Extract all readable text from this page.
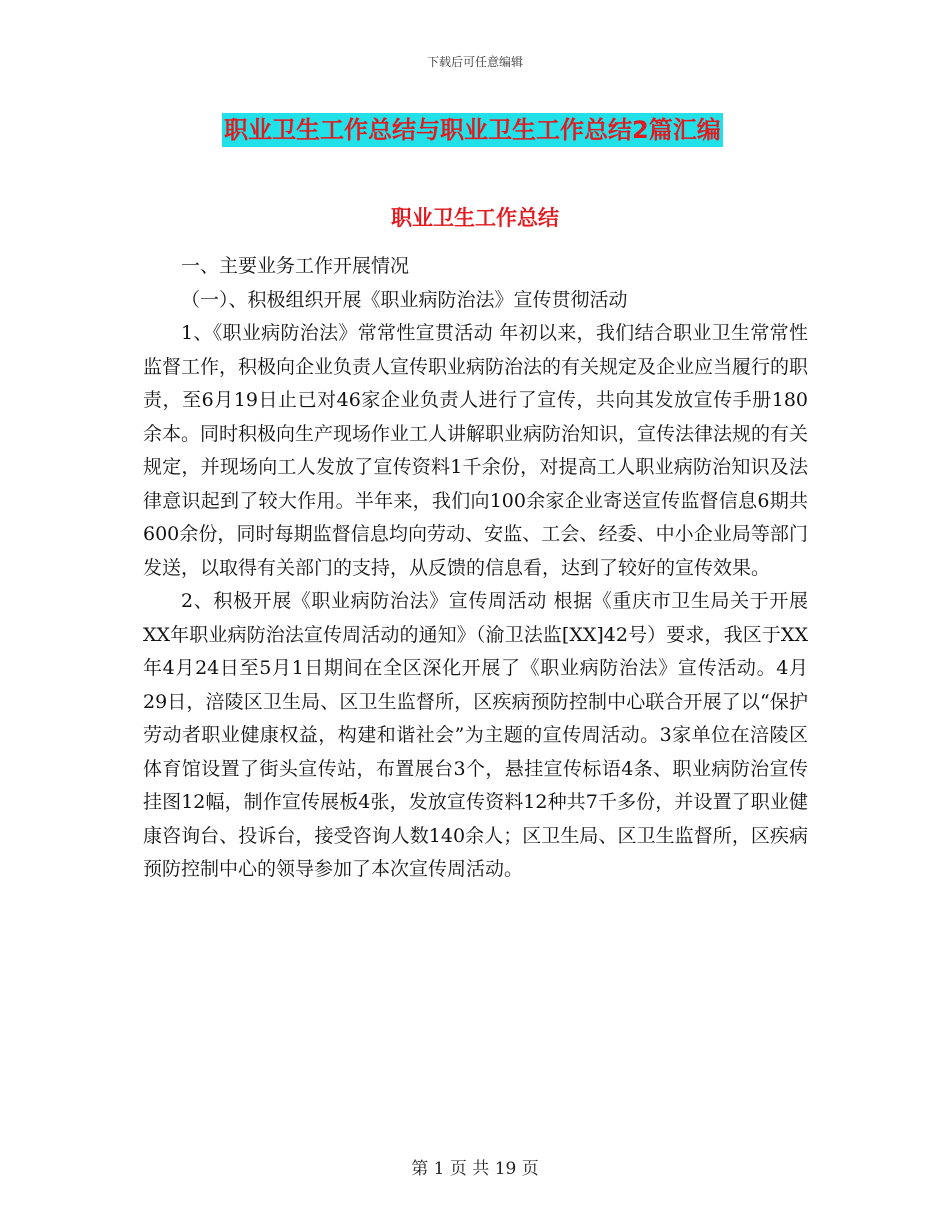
下载后可任意编辑
职业卫生工作总结与职业卫生工作总结2篇汇编
职业卫生工作总结

一、主要业务工作开展情况

（一）、积极组织开展《职业病防治法》宣传贯彻活动

1、《职业病防治法》常常性宣贯活动 年初以来，我们结合职业卫生常常性监督工作，积极向企业负责人宣传职业病防治法的有关规定及企业应当履行的职责，至6月19日止已对46家企业负责人进行了宣传，共向其发放宣传手册180余本。同时积极向生产现场作业工人讲解职业病防治知识，宣传法律法规的有关规定，并现场向工人发放了宣传资料1千余份，对提高工人职业病防治知识及法律意识起到了较大作用。半年来，我们向100余家企业寄送宣传监督信息6期共600余份，同时每期监督信息均向劳动、安监、工会、经委、中小企业局等部门发送，以取得有关部门的支持，从反馈的信息看，达到了较好的宣传效果。

2、积极开展《职业病防治法》宣传周活动 根据《重庆市卫生局关于开展XX年职业病防治法宣传周活动的通知》（渝卫法监[XX]42号）要求，我区于XX年4月24日至5月1日期间在全区深化开展了《职业病防治法》宣传活动。4月29日，涪陵区卫生局、区卫生监督所，区疾病预防控制中心联合开展了以“保护劳动者职业健康权益，构建和谐社会”为主题的宣传周活动。3家单位在涪陵区体育馆设置了街头宣传站，布置展台3个，悬挂宣传标语4条、职业病防治宣传挂图12幅，制作宣传展板4张，发放宣传资料12种共7千多份，并设置了职业健康咨询台、投诉台，接受咨询人数140余人；区卫生局、区卫生监督所，区疾病预防控制中心的领导参加了本次宣传周活动。

第 1 页 共 19 页
